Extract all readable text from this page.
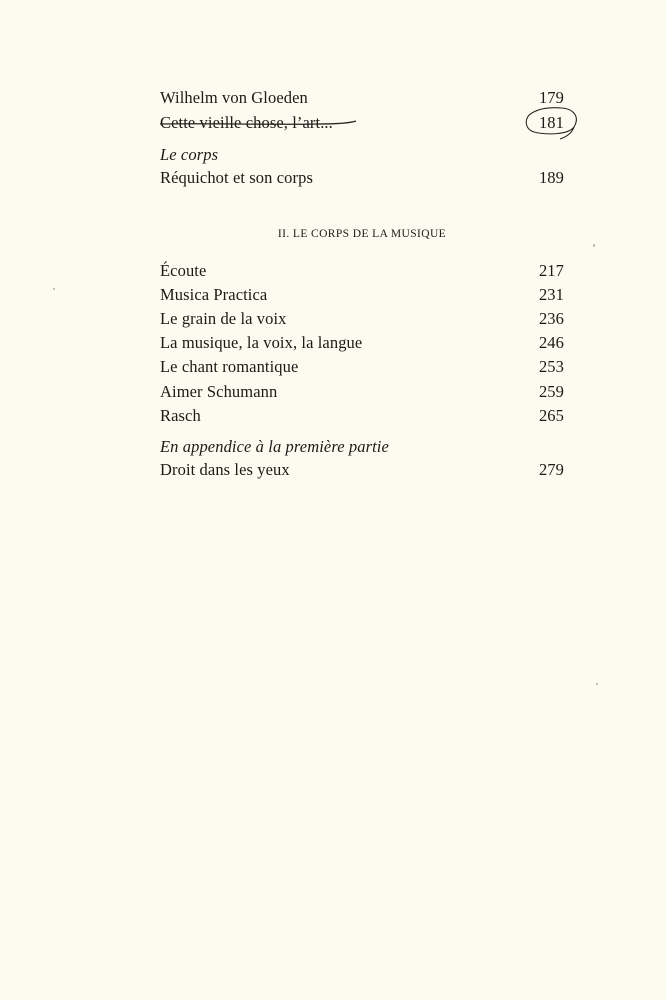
Wilhelm von Gloeden	179
Cette vieille chose, l’art...	181
Le corps
Réquichot et son corps	189
II. LE CORPS DE LA MUSIQUE
Écoute	217
Musica Practica	231
Le grain de la voix	236
La musique, la voix, la langue	246
Le chant romantique	253
Aimer Schumann	259
Rasch	265
En appendice à la première partie
Droit dans les yeux	279
